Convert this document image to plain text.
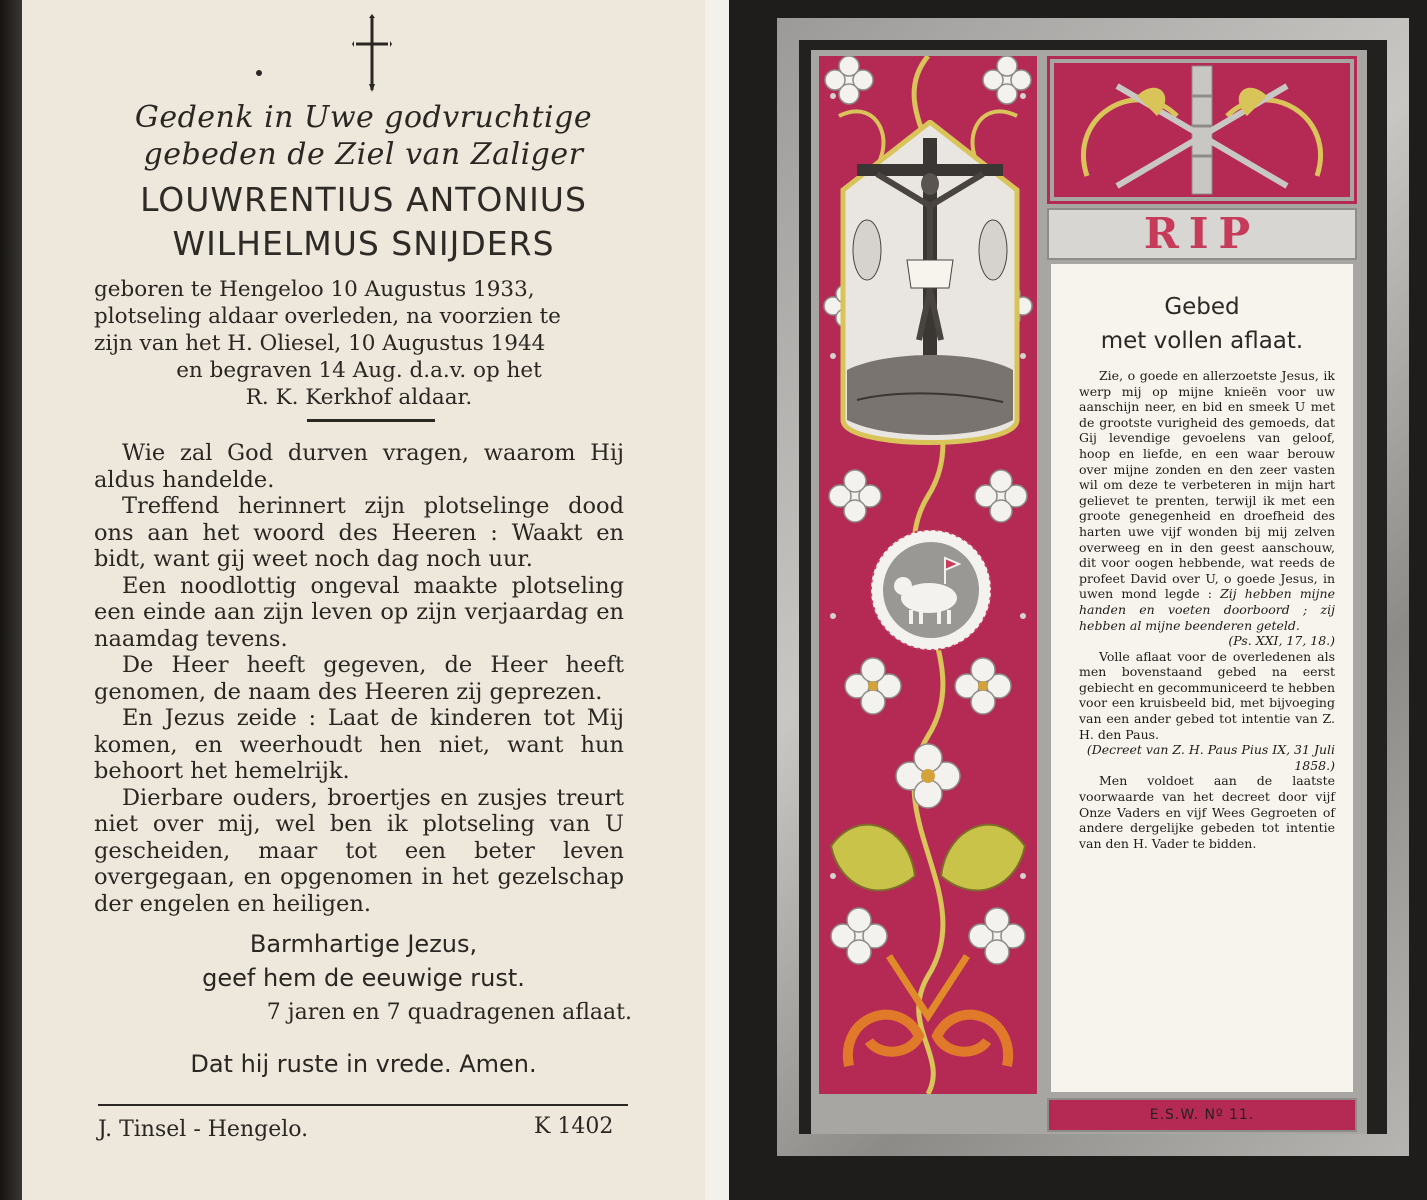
Gedenk in Uwe godvruchtige
gebeden de Ziel van Zaliger
LOUWRENTIUS ANTONIUS
WILHELMUS SNIJDERS
geboren te Hengeloo 10 Augustus 1933,
plotseling aldaar overleden, na voorzien te
zijn van het H. Oliesel, 10 Augustus 1944
en begraven 14 Aug. d.a.v. op het
R. K. Kerkhof aldaar.

Wie zal God durven vragen, waarom Hij aldus handelde.

Treffend herinnert zijn plotselinge dood ons aan het woord des Heeren : Waakt en bidt, want gij weet noch dag noch uur.

Een noodlottig ongeval maakte plotseling een einde aan zijn leven op zijn verjaardag en naamdag tevens.

De Heer heeft gegeven, de Heer heeft genomen, de naam des Heeren zij geprezen.

En Jezus zeide : Laat de kinderen tot Mij komen, en weerhoudt hen niet, want hun behoort het hemelrijk.

Dierbare ouders, broertjes en zusjes treurt niet over mij, wel ben ik plotseling van U gescheiden, maar tot een beter leven overgegaan, en opgenomen in het gezelschap der engelen en heiligen.

Barmhartige Jezus,
geef hem de eeuwige rust.
7 jaren en 7 quadragenen aflaat.
Dat hij ruste in vrede. Amen.
J. Tinsel - Hengelo.	K 1402
RIP
Gebed
met vollen aflaat.

Zie, o goede en allerzoetste Jesus, ik werp mij op mijne knieën voor uw aanschijn neer, en bid en smeek U met de grootste vurigheid des gemoeds, dat Gij levendige gevoelens van geloof, hoop en liefde, en een waar berouw over mijne zonden en den zeer vasten wil om deze te verbeteren in mijn hart gelievet te prenten, terwijl ik met een groote genegenheid en droefheid des harten uwe vijf wonden bij mij zelven overweeg en in den geest aanschouw, dit voor oogen hebbende, wat reeds de profeet David over U, o goede Jesus, in uwen mond legde : Zij hebben mijne handen en voeten doorboord ; zij hebben al mijne beenderen geteld.

(Ps. XXI, 17, 18.)

Volle aflaat voor de overledenen als men bovenstaand gebed na eerst gebiecht en gecommuniceerd te hebben voor een kruisbeeld bid, met bijvoeging van een ander gebed tot intentie van Z. H. den Paus.

(Decreet van Z. H. Paus Pius IX, 31 Juli 1858.)

Men voldoet aan de laatste voorwaarde van het decreet door vijf Onze Vaders en vijf Wees Gegroeten of andere dergelijke gebeden tot intentie van den H. Vader te bidden.

E.S.W. Nº 11.
